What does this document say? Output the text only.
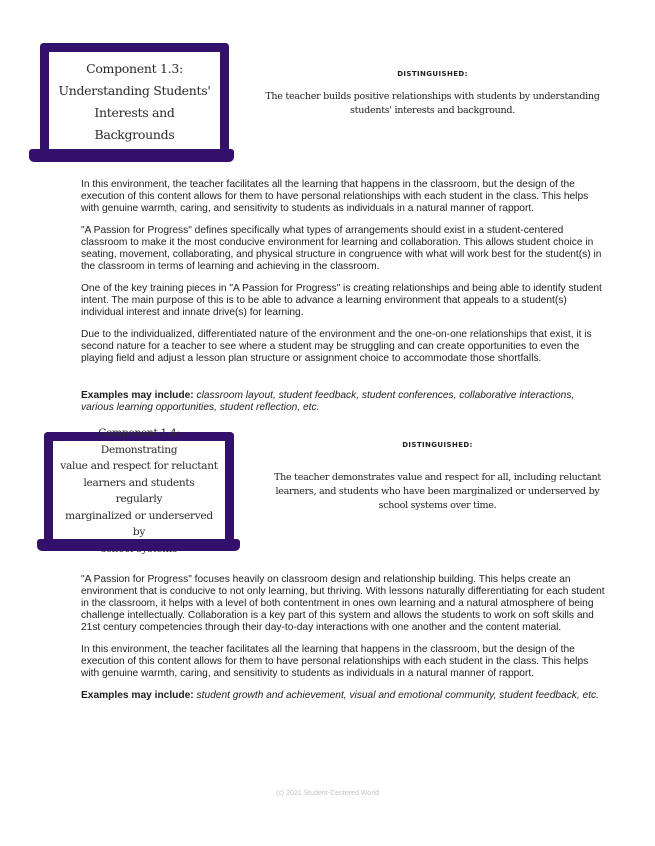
Component 1.3:
Understanding Students'
Interests and Backgrounds
DISTINGUISHED:
The teacher builds positive relationships with students by understanding students' interests and background.

In this environment, the teacher facilitates all the learning that happens in the classroom, but the design of the execution of this content allows for them to have personal relationships with each student in the class. This helps with genuine warmth, caring, and sensitivity to students as individuals in a natural manner of rapport.

"A Passion for Progress" defines specifically what types of arrangements should exist in a student-centered classroom to make it the most conducive environment for learning and collaboration. This allows student choice in seating, movement, collaborating, and physical structure in congruence with what will work best for the student(s) in the classroom in terms of learning and achieving in the classroom.

One of the key training pieces in "A Passion for Progress" is creating relationships and being able to identify student intent. The main purpose of this is to be able to advance a learning environment that appeals to a student(s) individual interest and innate drive(s) for learning.

Due to the individualized, differentiated nature of the environment and the one-on-one relationships that exist, it is second nature for a teacher to see where a student may be struggling and can create opportunities to even the playing field and adjust a lesson plan structure or assignment choice to accommodate those shortfalls.

Examples may include: classroom layout, student feedback, student conferences, collaborative interactions, various learning opportunities, student reflection, etc.

Component 1.4: Demonstrating
value and respect for reluctant
learners and students regularly
marginalized or underserved by
DISTINGUISHED:
The teacher demonstrates value and respect for all, including reluctant learners, and students who have been marginalized or underserved by school systems over time.

"A Passion for Progress" focuses heavily on classroom design and relationship building. This helps create an environment that is conducive to not only learning, but thriving. With lessons naturally differentiating for each student in the classroom, it helps with a level of both contentment in ones own learning and a natural atmosphere of being challenge intellectually. Collaboration is a key part of this system and allows the students to work on soft skills and 21st century competencies through their day-to-day interactions with one another and the content material.

In this environment, the teacher facilitates all the learning that happens in the classroom, but the design of the execution of this content allows for them to have personal relationships with each student in the class. This helps with genuine warmth, caring, and sensitivity to students as individuals in a natural manner of rapport.

Examples may include: student growth and achievement, visual and emotional community, student feedback, etc.

(c) 2021 Student-Centered World
